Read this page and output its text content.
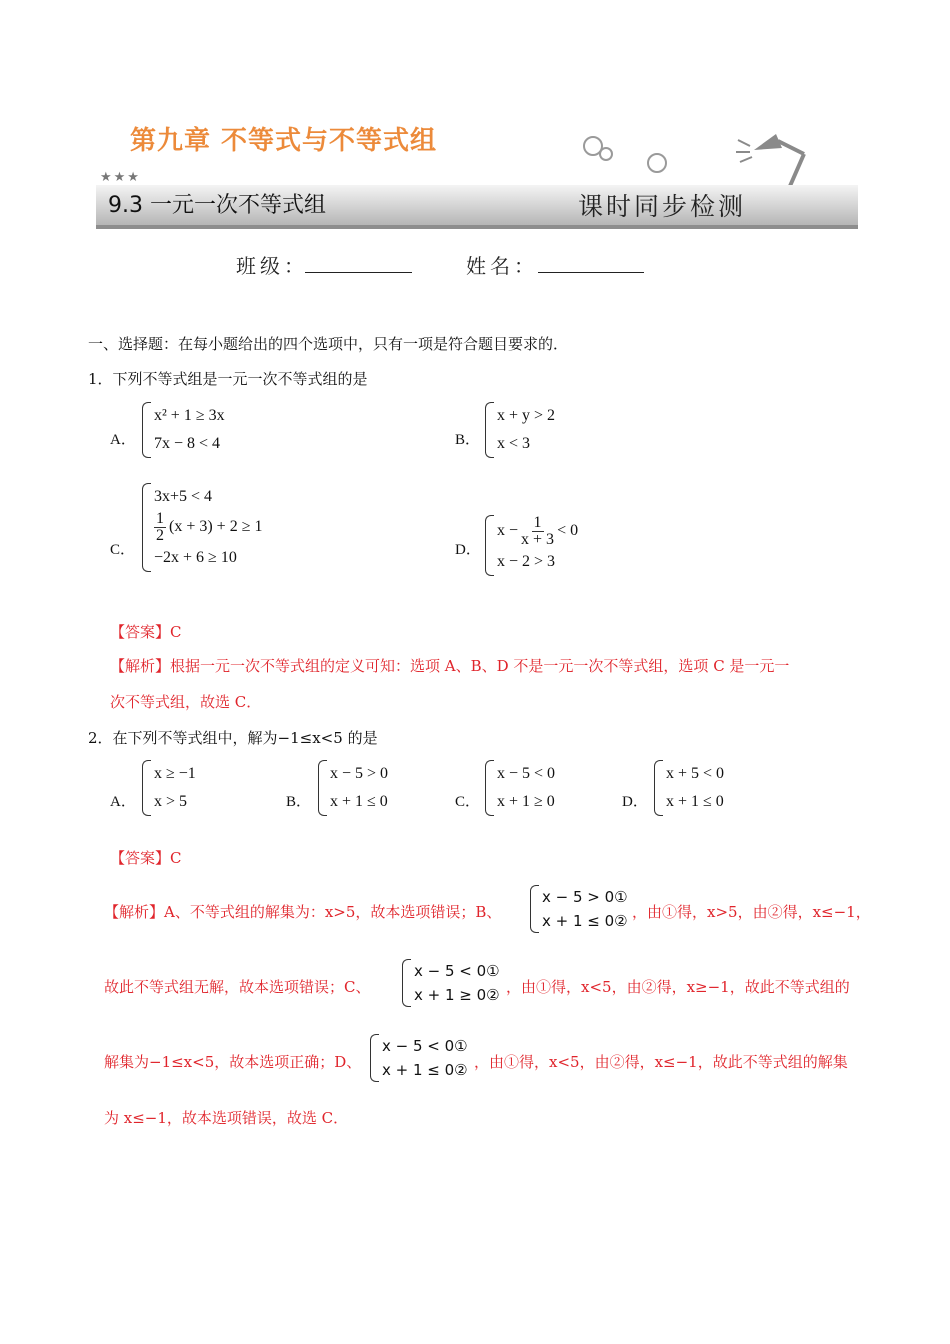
第九章 不等式与不等式组
★★★
9.3 一元一次不等式组	课时同步检测
班级：	姓名：
一、选择题：在每小题给出的四个选项中，只有一项是符合题目要求的．
1．下列不等式组是一元一次不等式组的是
A．
x² + 1 ≥ 3x
7x − 8 < 4	B．
x + y > 2
x < 3
C．
3x+5 < 4
$\frac{1}{2} (x + 3) + 2 \ge 1$
−2x + 6 ≥ 10	D．
$x - \frac{1}{x + 3} < 0$
x − 2 > 3
【答案】C
【解析】根据一元一次不等式组的定义可知：选项 A、B、D 不是一元一次不等式组，选项 C 是一元一
次不等式组，故选 C．
2．在下列不等式组中，解为−1≤x<5 的是
A．
x ≥ −1
x > 5	B．
x − 5 > 0
x + 1 ≤ 0	C．
x − 5 < 0
x + 1 ≥ 0	D．
x + 5 < 0
x + 1 ≤ 0
【答案】C
【解析】A、不等式组的解集为：x>5，故本选项错误；B、
x − 5 > 0①
x + 1 ≤ 0② ，由①得，x>5，由②得，x≤−1，
故此不等式组无解，故本选项错误；C、
x − 5 < 0①
x + 1 ≥ 0② ，由①得，x<5，由②得，x≥−1，故此不等式组的
解集为−1≤x<5，故本选项正确；D、
x − 5 < 0①
x + 1 ≤ 0② ，由①得，x<5，由②得，x≤−1，故此不等式组的解集
为 x≤−1，故本选项错误，故选 C．
